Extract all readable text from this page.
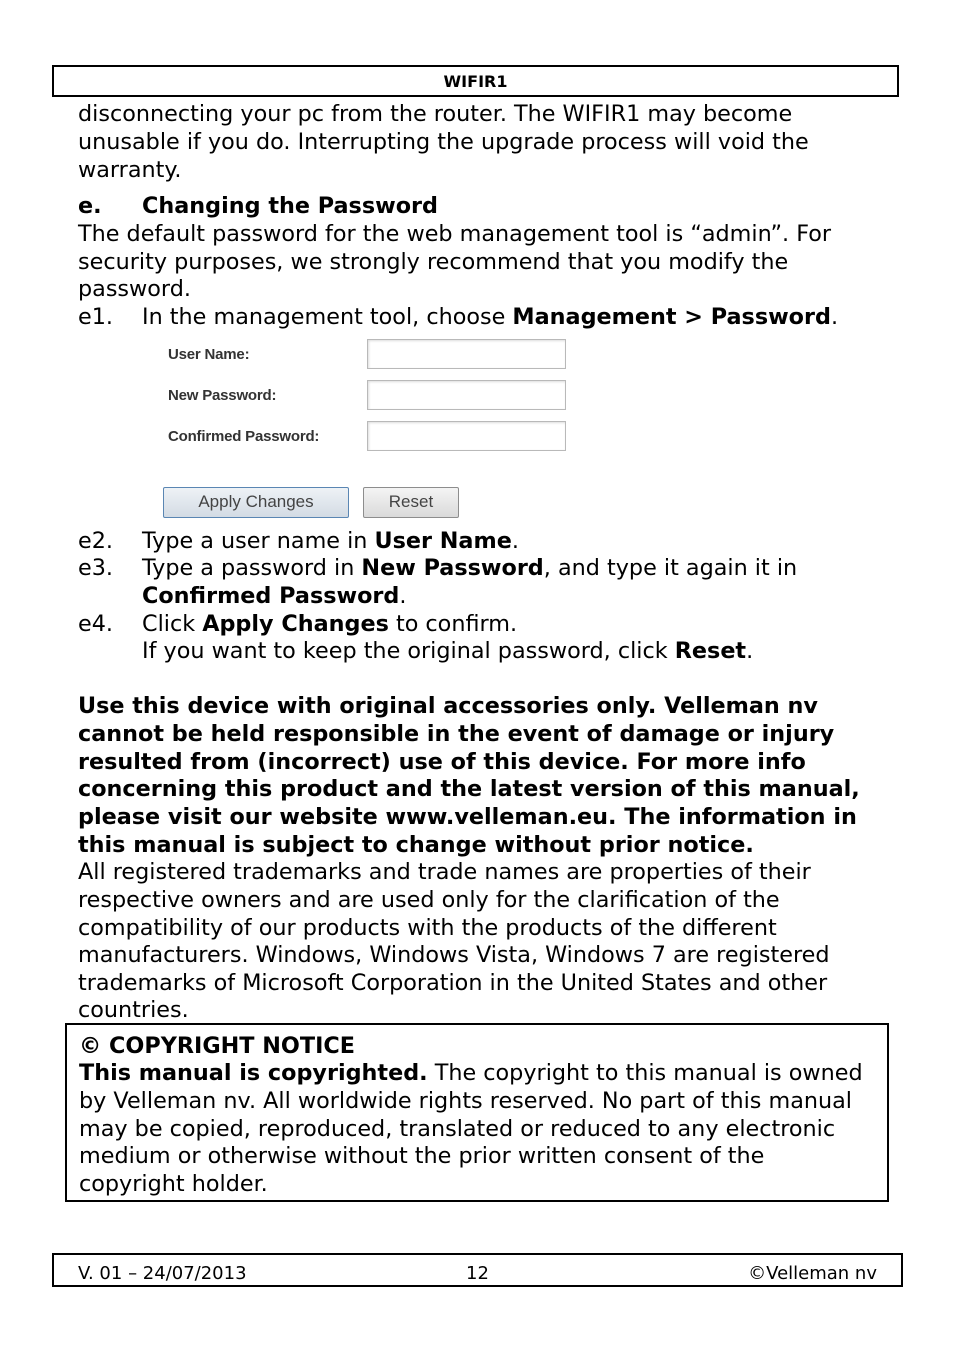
WIFIR1

disconnecting your pc from the router. The WIFIR1 may become

unusable if you do. Interrupting the upgrade process will void the

warranty.

e.	Changing the Password

The default password for the web management tool is “admin”. For

security purposes, we strongly recommend that you modify the

password.

e1.	In the management tool, choose Management > Password.
User Name:
New Password:
Confirmed Password:
Apply Changes	Reset
e2.	Type a user name in User Name.
e3.	Type a password in New Password, and type it again it in
Confirmed Password.
e4.	Click Apply Changes to confirm.
If you want to keep the original password, click Reset.

Use this device with original accessories only. Velleman nv

cannot be held responsible in the event of damage or injury

resulted from (incorrect) use of this device. For more info

concerning this product and the latest version of this manual,

please visit our website www.velleman.eu. The information in

this manual is subject to change without prior notice.

All registered trademarks and trade names are properties of their

respective owners and are used only for the clarification of the

compatibility of our products with the products of the different

manufacturers. Windows, Windows Vista, Windows 7 are registered

trademarks of Microsoft Corporation in the United States and other

countries.

© COPYRIGHT NOTICE

This manual is copyrighted. The copyright to this manual is owned

by Velleman nv. All worldwide rights reserved. No part of this manual

may be copied, reproduced, translated or reduced to any electronic

medium or otherwise without the prior written consent of the

copyright holder.

V. 01 – 24/07/2013	12	©Velleman nv
